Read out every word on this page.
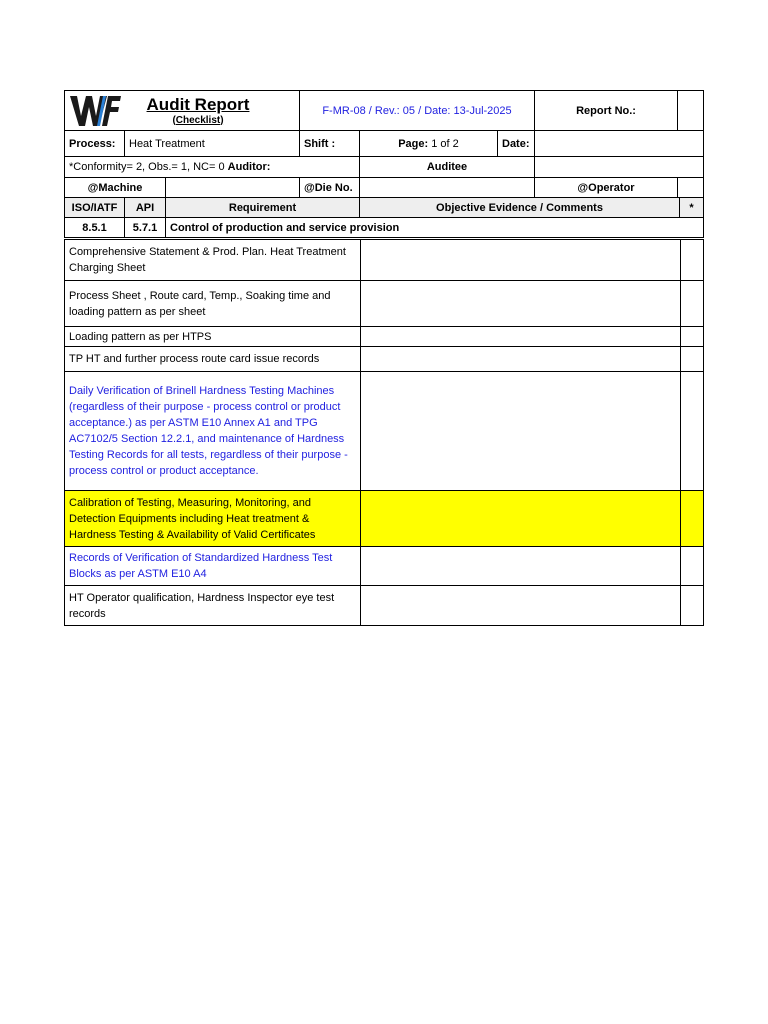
Audit Report
(Checklist)			F-MR-08 / Rev.: 05 / Date: 13-Jul-2025			Report No.:	
Process:	Heat Treatment		Shift :	Page: 1 of 2	Date:		
*Conformity= 2, Obs.= 1, NC= 0 Auditor:				Auditee			
@Machine			@Die No.			@Operator	
ISO/IATF	API	Requirement	Objective Evidence / Comments	*
8.5.1	5.7.1	Control of production and service provision		
Comprehensive Statement & Prod. Plan. Heat Treatment Charging Sheet		
Process Sheet , Route card, Temp., Soaking time and loading pattern as per sheet		
Loading pattern as per HTPS		
TP HT and further process route card issue records		
Daily Verification of Brinell Hardness Testing Machines (regardless of their purpose - process control or product acceptance.) as per ASTM E10 Annex A1 and TPG AC7102/5 Section 12.2.1, and maintenance of Hardness Testing Records for all tests, regardless of their purpose - process control or product acceptance.		
Calibration of Testing, Measuring, Monitoring, and Detection Equipments including Heat treatment & Hardness Testing & Availability of Valid Certificates		
Records of Verification of Standardized Hardness Test Blocks as per ASTM E10 A4		
HT Operator qualification, Hardness Inspector eye test records		
